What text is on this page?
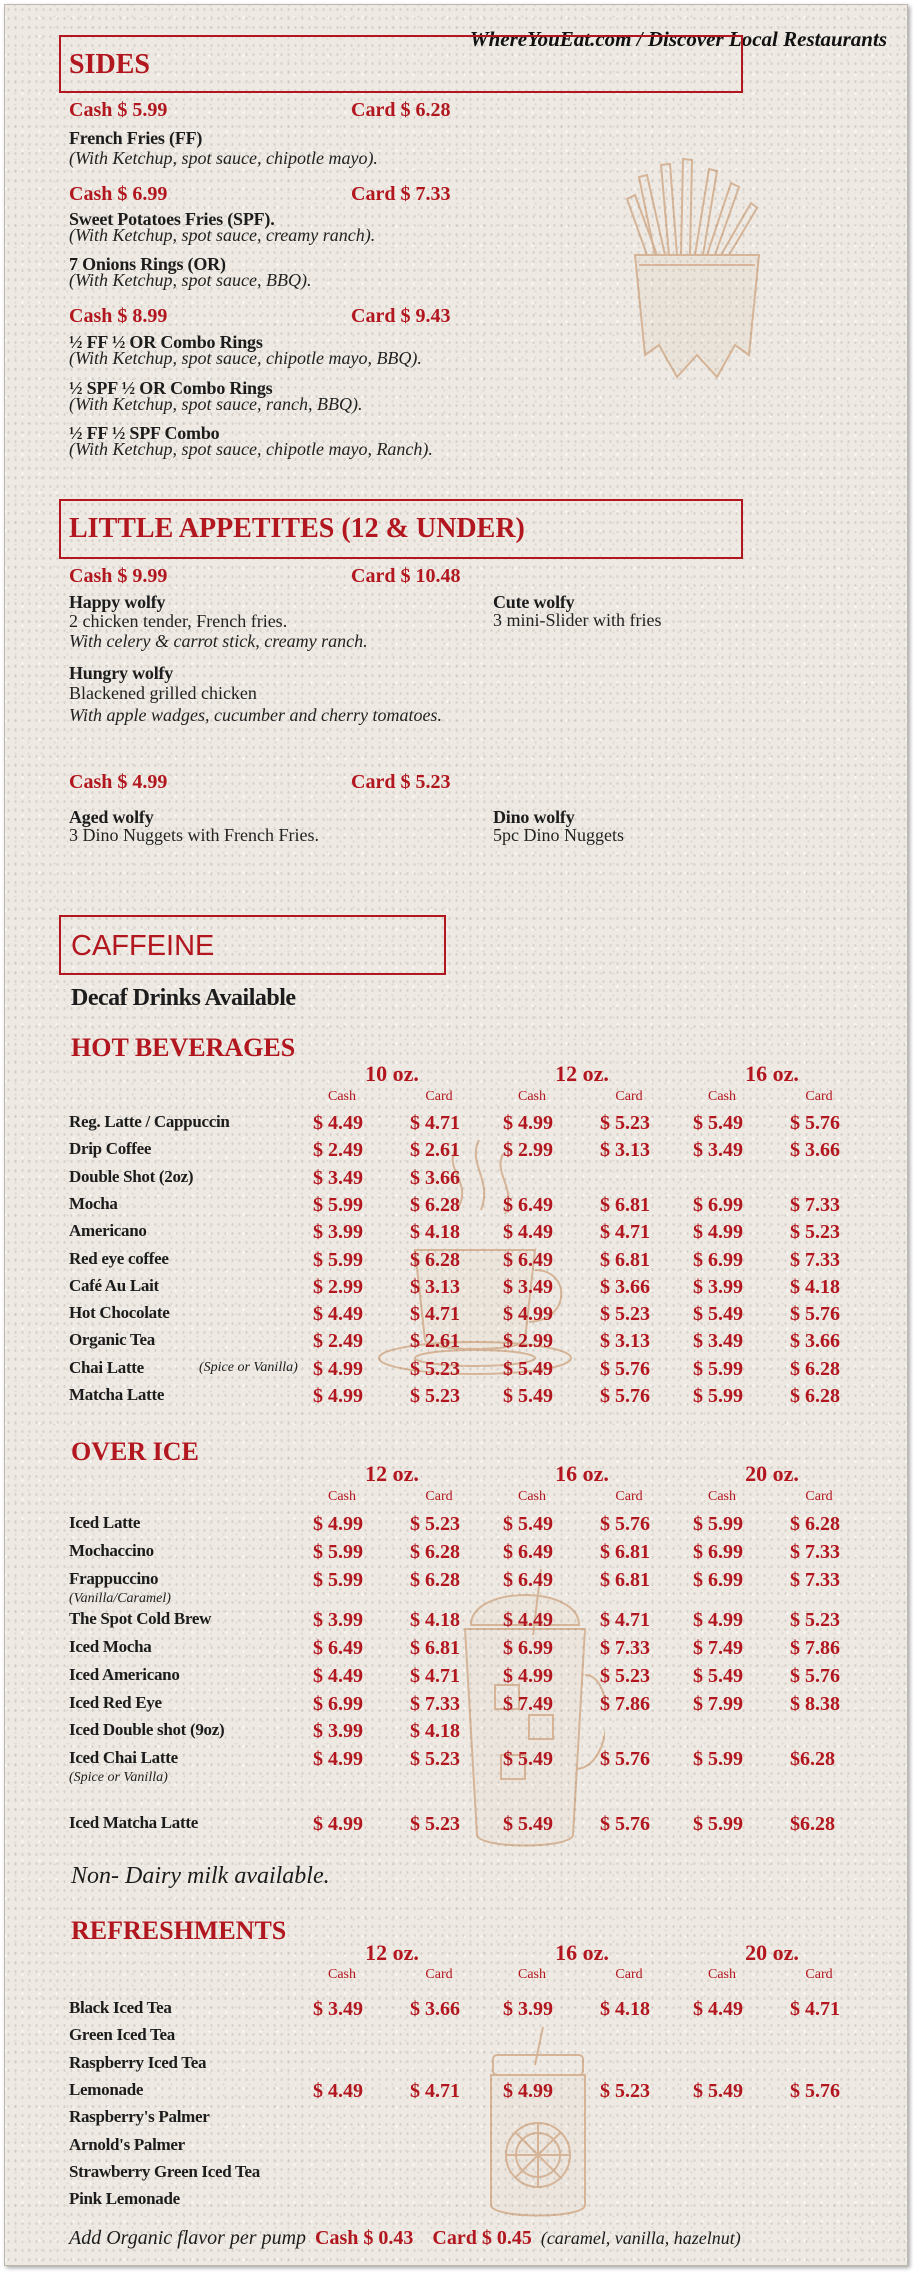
WhereYouEat.com / Discover Local Restaurants
SIDES
Cash $ 5.99	Card $ 6.28
French Fries (FF)
(With Ketchup, spot sauce, chipotle mayo).
Cash $ 6.99	Card $ 7.33
Sweet Potatoes Fries (SPF).
(With Ketchup, spot sauce, creamy ranch).
7 Onions Rings (OR)
(With Ketchup, spot sauce, BBQ).
Cash $ 8.99	Card $ 9.43
½ FF ½ OR Combo Rings
(With Ketchup, spot sauce, chipotle mayo, BBQ).
½ SPF ½ OR Combo Rings
(With Ketchup, spot sauce, ranch, BBQ).
½ FF ½ SPF Combo
(With Ketchup, spot sauce, chipotle mayo, Ranch).
LITTLE APPETITES (12 & UNDER)
Cash $ 9.99	Card $ 10.48
Happy wolfy
2 chicken tender, French fries.
With celery & carrot stick, creamy ranch.
Cute wolfy
3 mini-Slider with fries
Hungry wolfy
Blackened grilled chicken
With apple wadges, cucumber and cherry tomatoes.
Cash $ 4.99	Card $ 5.23
Aged wolfy
3 Dino Nuggets with French Fries.
Dino wolfy
5pc Dino Nuggets
CAFFEINE
Decaf Drinks Available
HOT BEVERAGES
10 oz.
Cash	Card
12 oz.
Cash	Card
16 oz.
Cash	Card
Reg. Latte / Cappuccin	$ 4.49 $ 4.71 $ 4.99 $ 5.23 $ 5.49 $ 5.76
Drip Coffee	$ 2.49 $ 2.61 $ 2.99 $ 3.13 $ 3.49 $ 3.66
Double Shot (2oz)	$ 3.49 $ 3.66
Mocha	$ 5.99 $ 6.28 $ 6.49 $ 6.81 $ 6.99 $ 7.33
Americano	$ 3.99 $ 4.18 $ 4.49 $ 4.71 $ 4.99 $ 5.23
Red eye coffee	$ 5.99 $ 6.28 $ 6.49 $ 6.81 $ 6.99 $ 7.33
Café Au Lait	$ 2.99 $ 3.13 $ 3.49 $ 3.66 $ 3.99 $ 4.18
Hot Chocolate	$ 4.49 $ 4.71 $ 4.99 $ 5.23 $ 5.49 $ 5.76
Organic Tea	$ 2.49 $ 2.61 $ 2.99 $ 3.13 $ 3.49 $ 3.66
Chai Latte	(Spice or Vanilla) $ 4.99 $ 5.23 $ 5.49 $ 5.76 $ 5.99 $ 6.28
Matcha Latte	$ 4.99 $ 5.23 $ 5.49 $ 5.76 $ 5.99 $ 6.28
OVER ICE
12 oz.
Cash	Card
16 oz.
Cash	Card
20 oz.
Cash	Card
Iced Latte	$ 4.99 $ 5.23 $ 5.49 $ 5.76 $ 5.99 $ 6.28
Mochaccino	$ 5.99 $ 6.28 $ 6.49 $ 6.81 $ 6.99 $ 7.33
Frappuccino
(Vanilla/Caramel)
$ 5.99 $ 6.28 $ 6.49 $ 6.81 $ 6.99 $ 7.33
The Spot Cold Brew	$ 3.99 $ 4.18 $ 4.49 $ 4.71 $ 4.99 $ 5.23
Iced Mocha	$ 6.49 $ 6.81 $ 6.99 $ 7.33 $ 7.49 $ 7.86
Iced Americano	$ 4.49 $ 4.71 $ 4.99 $ 5.23 $ 5.49 $ 5.76
Iced Red Eye	$ 6.99 $ 7.33 $ 7.49 $ 7.86 $ 7.99 $ 8.38
Iced Double shot (9oz)	$ 3.99 $ 4.18
Iced Chai Latte
(Spice or Vanilla)
$ 4.99 $ 5.23 $ 5.49 $ 5.76 $ 5.99 $6.28
Iced Matcha Latte	$ 4.99 $ 5.23 $ 5.49 $ 5.76 $ 5.99 $6.28
Non- Dairy milk available.
REFRESHMENTS
12 oz.
Cash	Card
16 oz.
Cash	Card
20 oz.
Cash	Card
Black Iced Tea	$ 3.49 $ 3.66 $ 3.99 $ 4.18 $ 4.49 $ 4.71
Green Iced Tea
Raspberry Iced Tea
Lemonade	$ 4.49 $ 4.71 $ 4.99 $ 5.23 $ 5.49 $ 5.76
Raspberry's Palmer
Arnold's Palmer
Strawberry Green Iced Tea
Pink Lemonade
Add Organic flavor per pump Cash $ 0.43 Card $ 0.45 (caramel, vanilla, hazelnut)
